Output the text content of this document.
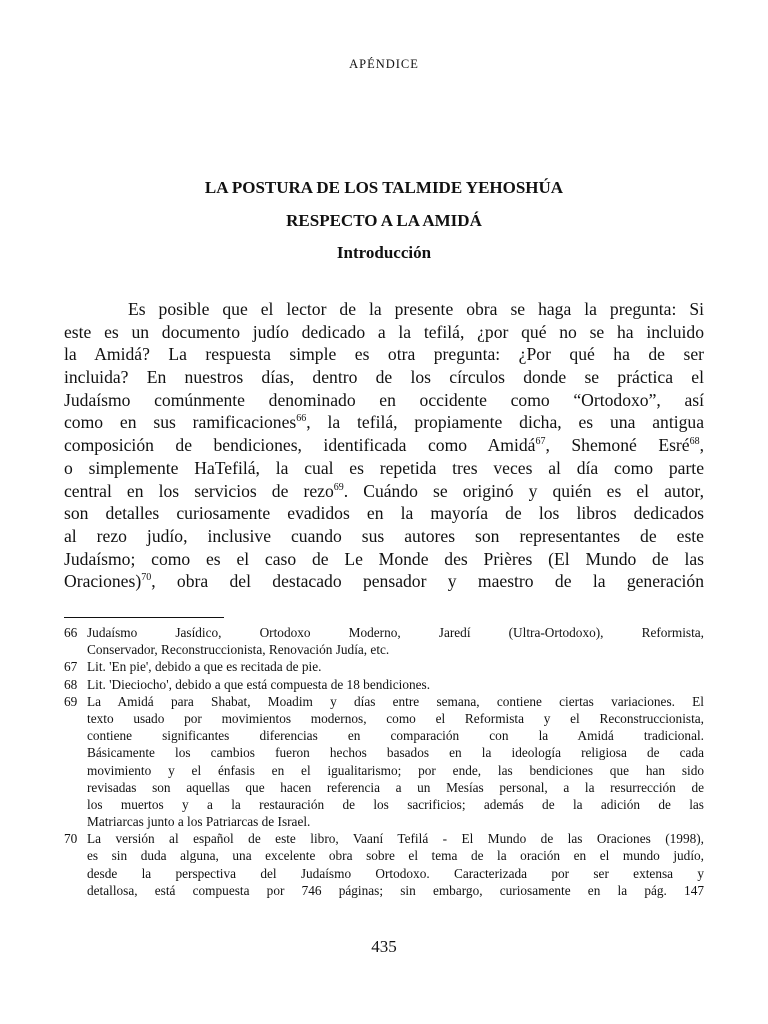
APÉNDICE
LA POSTURA DE LOS TALMIDE YEHOSHÚA
RESPECTO A LA AMIDÁ
Introducción
Es posible que el lector de la presente obra se haga la pregunta: Si
este es un documento judío dedicado a la tefilá, ¿por qué no se ha incluido
la Amidá? La respuesta simple es otra pregunta: ¿Por qué ha de ser
incluida? En nuestros días, dentro de los círculos donde se práctica el
Judaísmo comúnmente denominado en occidente como “Ortodoxo”, así
como en sus ramificaciones$^{66}$, la tefilá, propiamente dicha, es una antigua
composición de bendiciones, identificada como Amidá$^{67}$, Shemoné Esré$^{68}$,
o simplemente HaTefilá, la cual es repetida tres veces al día como parte
central en los servicios de rezo$^{69}$. Cuándo se originó y quién es el autor,
son detalles curiosamente evadidos en la mayoría de los libros dedicados
al rezo judío, inclusive cuando sus autores son representantes de este
Judaísmo; como es el caso de Le Monde des Prières (El Mundo de las
Oraciones)$^{70}$, obra del destacado pensador y maestro de la generación
66 Judaísmo Jasídico, Ortodoxo Moderno, Jaredí (Ultra-Ortodoxo), Reformista,
Conservador, Reconstruccionista, Renovación Judía, etc.
67 Lit. 'En pie', debido a que es recitada de pie.
68 Lit. 'Dieciocho', debido a que está compuesta de 18 bendiciones.
69 La Amidá para Shabat, Moadim y días entre semana, contiene ciertas variaciones. El
texto usado por movimientos modernos, como el Reformista y el Reconstruccionista,
contiene significantes diferencias en comparación con la Amidá tradicional.
Básicamente los cambios fueron hechos basados en la ideología religiosa de cada
movimiento y el énfasis en el igualitarismo; por ende, las bendiciones que han sido
revisadas son aquellas que hacen referencia a un Mesías personal, a la resurrección de
los muertos y a la restauración de los sacrificios; además de la adición de las
Matriarcas junto a los Patriarcas de Israel.
70 La versión al español de este libro, Vaaní Tefilá - El Mundo de las Oraciones (1998),
es sin duda alguna, una excelente obra sobre el tema de la oración en el mundo judío,
desde la perspectiva del Judaísmo Ortodoxo. Caracterizada por ser extensa y
detallosa, está compuesta por 746 páginas; sin embargo, curiosamente en la pág. 147
435
